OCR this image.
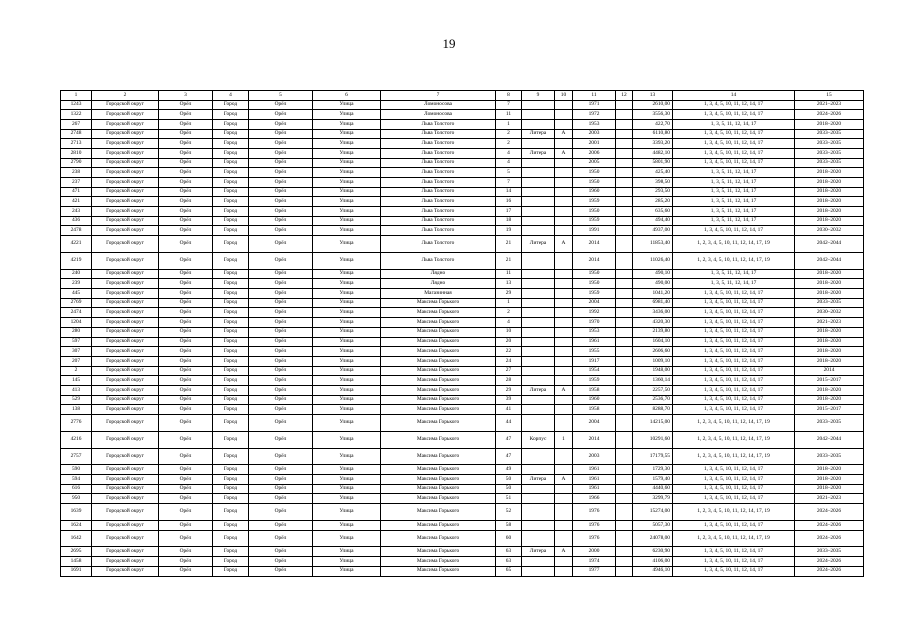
19
1	2	3	4	5	6	7	8	9	10	11	12	13	14	15
1243	Городской округ	Орёл	Город	Орёл	Улица	Ломоносова	7			1971		2610,00	1, 3, 4, 5, 10, 11, 12, 14, 17	2021–2023
1322	Городской округ	Орёл	Город	Орёл	Улица	Ломоносова	11			1972		3556,30	1, 3, 4, 5, 10, 11, 12, 14, 17	2024–2026
267	Городской округ	Орёл	Город	Орёл	Улица	Льва Толстого	1			1953		422,70	1, 3, 5, 11, 12, 14, 17	2018–2020
2748	Городской округ	Орёл	Город	Орёл	Улица	Льва Толстого	2	Литера	А	2003		6110,80	1, 3, 4, 5, 10, 11, 12, 14, 17	2033–2035
2713	Городской округ	Орёл	Город	Орёл	Улица	Льва Толстого	2			2001		3393,20	1, 3, 4, 5, 10, 11, 12, 14, 17	2033–2035
2810	Городской округ	Орёл	Город	Орёл	Улица	Льва Толстого	4	Литера	А	2006		4482,10	1, 3, 4, 5, 10, 11, 12, 14, 17	2033–2035
2790	Городской округ	Орёл	Город	Орёл	Улица	Льва Толстого	4			2005		5801,90	1, 3, 4, 5, 10, 11, 12, 14, 17	2033–2035
238	Городской округ	Орёл	Город	Орёл	Улица	Льва Толстого	5			1950		425,40	1, 3, 5, 11, 12, 14, 17	2018–2020
237	Городской округ	Орёл	Город	Орёл	Улица	Льва Толстого	7			1950		398,50	1, 3, 5, 11, 12, 14, 17	2018–2020
471	Городской округ	Орёл	Город	Орёл	Улица	Льва Толстого	14			1960		293,50	1, 3, 5, 11, 12, 14, 17	2018–2020
421	Городской округ	Орёл	Город	Орёл	Улица	Льва Толстого	16			1959		285,20	1, 3, 5, 11, 12, 14, 17	2018–2020
243	Городской округ	Орёл	Город	Орёл	Улица	Льва Толстого	17			1950		635,60	1, 3, 5, 11, 12, 14, 17	2018–2020
436	Городской округ	Орёл	Город	Орёл	Улица	Льва Толстого	18			1959		494,40	1, 3, 5, 11, 12, 14, 17	2018–2020
2478	Городской округ	Орёл	Город	Орёл	Улица	Льва Толстого	19			1991		4937,00	1, 3, 4, 5, 10, 11, 12, 14, 17	2030–2032
4221	Городской округ	Орёл	Город	Орёл	Улица	Льва Толстого	21	Литера	А	2014		11853,40	1, 2, 3, 4, 5, 10, 11, 12, 14, 17, 19	2042–2044
4219	Городской округ	Орёл	Город	Орёл	Улица	Льва Толстого	21			2014		11026,40	1, 2, 3, 4, 5, 10, 11, 12, 14, 17, 19	2042–2044
240	Городской округ	Орёл	Город	Орёл	Улица	Лядно	11			1950		490,10	1, 3, 5, 11, 12, 14, 17	2018–2020
239	Городской округ	Орёл	Город	Орёл	Улица	Лядно	13			1950		490,00	1, 3, 5, 11, 12, 14, 17	2018–2020
445	Городской округ	Орёл	Город	Орёл	Улица	Магазинная	29			1959		1041,20	1, 3, 4, 5, 10, 11, 12, 14, 17	2018–2020
2769	Городской округ	Орёл	Город	Орёл	Улица	Максима Горького	1			2004		6981,40	1, 3, 4, 5, 10, 11, 12, 14, 17	2033–2035
2474	Городской округ	Орёл	Город	Орёл	Улица	Максима Горького	2			1992		3436,00	1, 3, 4, 5, 10, 11, 12, 14, 17	2030–2032
1204	Городской округ	Орёл	Город	Орёл	Улица	Максима Горького	4			1970		4320,30	1, 3, 4, 5, 10, 11, 12, 14, 17	2021–2023
280	Городской округ	Орёл	Город	Орёл	Улица	Максима Горького	10			1953		2139,80	1, 3, 4, 5, 10, 11, 12, 14, 17	2018–2020
597	Городской округ	Орёл	Город	Орёл	Улица	Максима Горького	20			1961		1604,10	1, 3, 4, 5, 10, 11, 12, 14, 17	2018–2020
307	Городской округ	Орёл	Город	Орёл	Улица	Максима Горького	22			1955		2606,60	1, 3, 4, 5, 10, 11, 12, 14, 17	2018–2020
207	Городской округ	Орёл	Город	Орёл	Улица	Максима Горького	24			1917		1009,10	1, 3, 4, 5, 10, 11, 12, 14, 17	2018–2020
2	Городской округ	Орёл	Город	Орёл	Улица	Максима Горького	27			1954		1948,00	1, 3, 4, 5, 10, 11, 12, 14, 17	2014
145	Городской округ	Орёл	Город	Орёл	Улица	Максима Горького	28			1959		1360,14	1, 3, 4, 5, 10, 11, 12, 14, 17	2015–2017
413	Городской округ	Орёл	Город	Орёл	Улица	Максима Горького	29	Литера	А	1958		2257,50	1, 3, 4, 5, 10, 11, 12, 14, 17	2018–2020
529	Городской округ	Орёл	Город	Орёл	Улица	Максима Горького	39			1960		2536,70	1, 3, 4, 5, 10, 11, 12, 14, 17	2018–2020
138	Городской округ	Орёл	Город	Орёл	Улица	Максима Горького	41			1958		8288,70	1, 3, 4, 5, 10, 11, 12, 14, 17	2015–2017
2776	Городской округ	Орёл	Город	Орёл	Улица	Максима Горького	44			2004		14215,00	1, 2, 3, 4, 5, 10, 11, 12, 14, 17, 19	2033–2035
4216	Городской округ	Орёл	Город	Орёл	Улица	Максима Горького	47	Корпус	1	2014		10291,60	1, 2, 3, 4, 5, 10, 11, 12, 14, 17, 19	2042–2044
2757	Городской округ	Орёл	Город	Орёл	Улица	Максима Горького	47			2003		17179,55	1, 2, 3, 4, 5, 10, 11, 12, 14, 17, 19	2033–2035
590	Городской округ	Орёл	Город	Орёл	Улица	Максима Горького	49			1961		1729,30	1, 3, 4, 5, 10, 11, 12, 14, 17	2018–2020
594	Городской округ	Орёл	Город	Орёл	Улица	Максима Горького	50	Литера	А	1961		1579,40	1, 3, 4, 5, 10, 11, 12, 14, 17	2018–2020
616	Городской округ	Орёл	Город	Орёл	Улица	Максима Горького	50			1961		4440,60	1, 3, 4, 5, 10, 11, 12, 14, 17	2018–2020
950	Городской округ	Орёл	Город	Орёл	Улица	Максима Горького	51			1966		3299,79	1, 3, 4, 5, 10, 11, 12, 14, 17	2021–2023
1639	Городской округ	Орёл	Город	Орёл	Улица	Максима Горького	52			1976		15274,00	1, 2, 3, 4, 5, 10, 11, 12, 14, 17, 19	2024–2026
1624	Городской округ	Орёл	Город	Орёл	Улица	Максима Горького	58			1976		5057,30	1, 3, 4, 5, 10, 11, 12, 14, 17	2024–2026
1642	Городской округ	Орёл	Город	Орёл	Улица	Максима Горького	60			1976		24078,00	1, 2, 3, 4, 5, 10, 11, 12, 14, 17, 19	2024–2026
2695	Городской округ	Орёл	Город	Орёл	Улица	Максима Горького	63	Литера	А	2000		6230,90	1, 3, 4, 5, 10, 11, 12, 14, 17	2033–2035
1458	Городской округ	Орёл	Город	Орёл	Улица	Максима Горького	63			1974		4106,00	1, 3, 4, 5, 10, 11, 12, 14, 17	2024–2026
1691	Городской округ	Орёл	Город	Орёл	Улица	Максима Горького	65			1977		4946,10	1, 3, 4, 5, 10, 11, 12, 14, 17	2024–2026
